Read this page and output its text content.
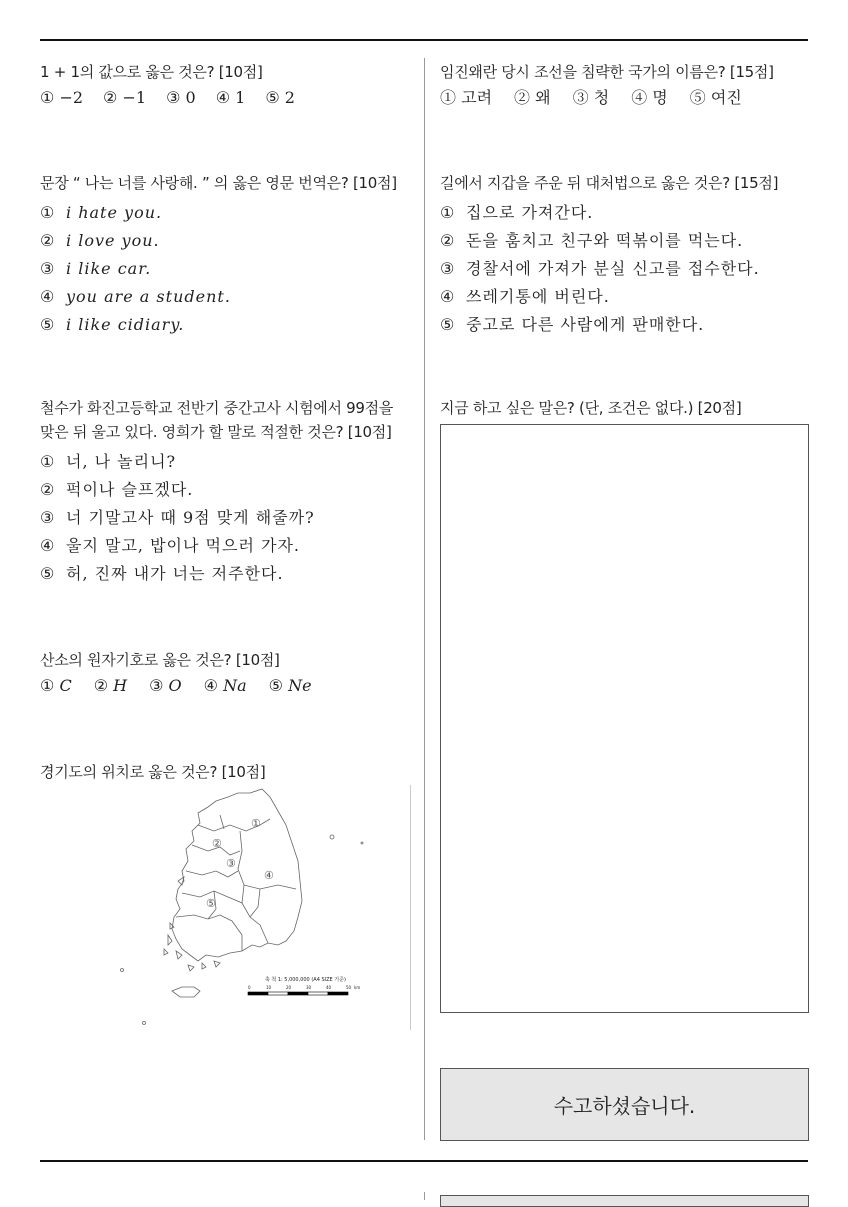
1 + 1의 값으로 옳은 것은? [10점]
① −2 ② −1 ③ 0 ④ 1 ⑤ 2
문장 “ 나는 너를 사랑해. ” 의 옳은 영문 번역은? [10점]
① i hate you.
② i love you.
③ i like car.
④ you are a student.
⑤ i like cidiary.
철수가 화진고등학교 전반기 중간고사 시험에서 99점을
맞은 뒤 울고 있다. 영희가 할 말로 적절한 것은? [10점]
① 너, 나 놀리니?
② 퍽이나 슬프겠다.
③ 너 기말고사 때 9점 맞게 해줄까?
④ 울지 말고, 밥이나 먹으러 가자.
⑤ 허, 진짜 내가 너는 저주한다.
산소의 원자기호로 옳은 것은? [10점]
① C ② H ③ O ④ Na ⑤ Ne
경기도의 위치로 옳은 것은? [10점]
①
②
③
④
⑤
축 척 1: 5,000,000 (A4 SIZE 기준)
0	10	20	30	40	50 km
임진왜란 당시 조선을 침략한 국가의 이름은? [15점]
① 고려 ② 왜 ③ 청 ④ 명 ⑤ 여진
길에서 지갑을 주운 뒤 대처법으로 옳은 것은? [15점]
① 집으로 가져간다.
② 돈을 훔치고 친구와 떡볶이를 먹는다.
③ 경찰서에 가져가 분실 신고를 접수한다.
④ 쓰레기통에 버린다.
⑤ 중고로 다른 사람에게 판매한다.
지금 하고 싶은 말은? (단, 조건은 없다.) [20점]
수고하셨습니다.
